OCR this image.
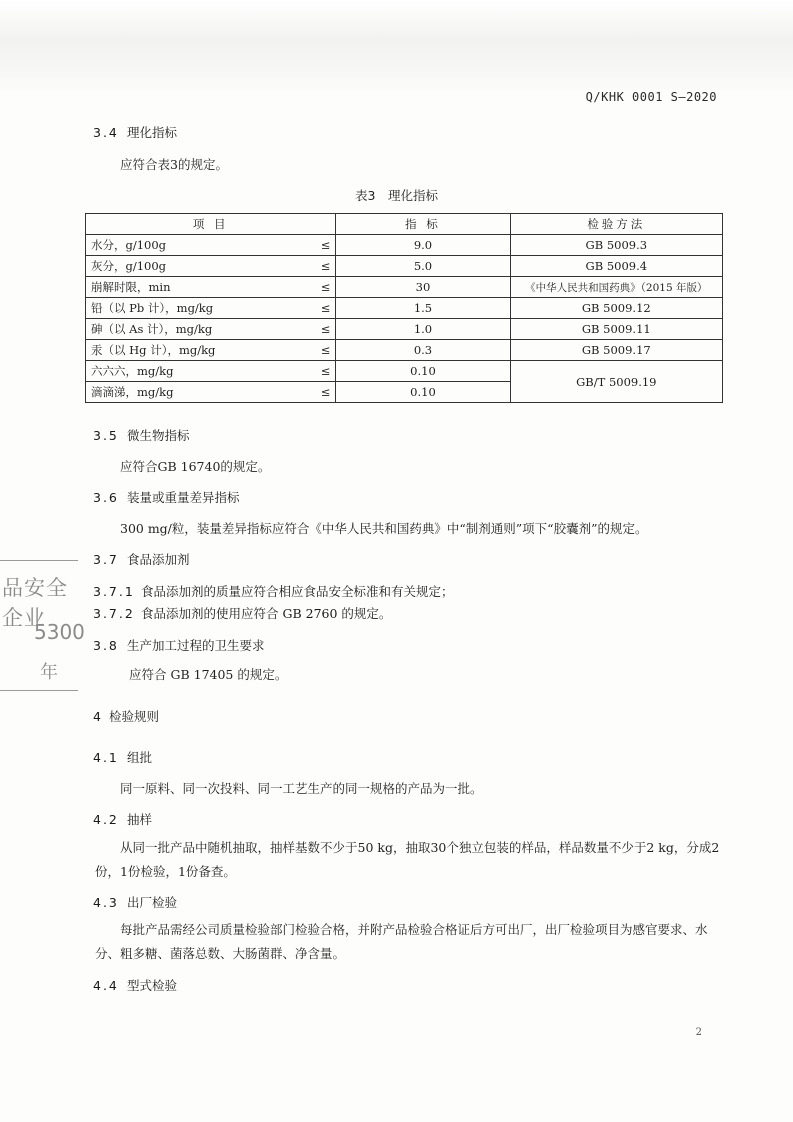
Q/KHK 0001 S—2020
3.4 理化指标
应符合表3的规定。
表3　理化指标
项 目		指 标	检验方法
水分，g/100g	≤	9.0	GB 5009.3
灰分，g/100g	≤	5.0	GB 5009.4
崩解时限，min	≤	30	《中华人民共和国药典》（2015 年版）
铅（以 Pb 计），mg/kg	≤	1.5	GB 5009.12
砷（以 As 计），mg/kg	≤	1.0	GB 5009.11
汞（以 Hg 计），mg/kg	≤	0.3	GB 5009.17
六六六，mg/kg	≤	0.10	GB/T 5009.19
滴滴涕，mg/kg	≤	0.10	
3.5 微生物指标
应符合GB 16740的规定。
3.6 装量或重量差异指标
300 mg/粒，装量差异指标应符合《中华人民共和国药典》中“制剂通则”项下“胶囊剂”的规定。
3.7 食品添加剂
3.7.1 食品添加剂的质量应符合相应食品安全标准和有关规定；
3.7.2 食品添加剂的使用应符合 GB 2760 的规定。
3.8 生产加工过程的卫生要求
应符合 GB 17405 的规定。
4 检验规则
4.1 组批
同一原料、同一次投料、同一工艺生产的同一规格的产品为一批。
4.2 抽样
从同一批产品中随机抽取，抽样基数不少于50 kg，抽取30个独立包装的样品，样品数量不少于2 kg，分成2份，1份检验，1份备查。
4.3 出厂检验
每批产品需经公司质量检验部门检验合格，并附产品检验合格证后方可出厂，出厂检验项目为感官要求、水分、粗多糖、菌落总数、大肠菌群、净含量。
4.4 型式检验
品安全企业
5300
年
2
